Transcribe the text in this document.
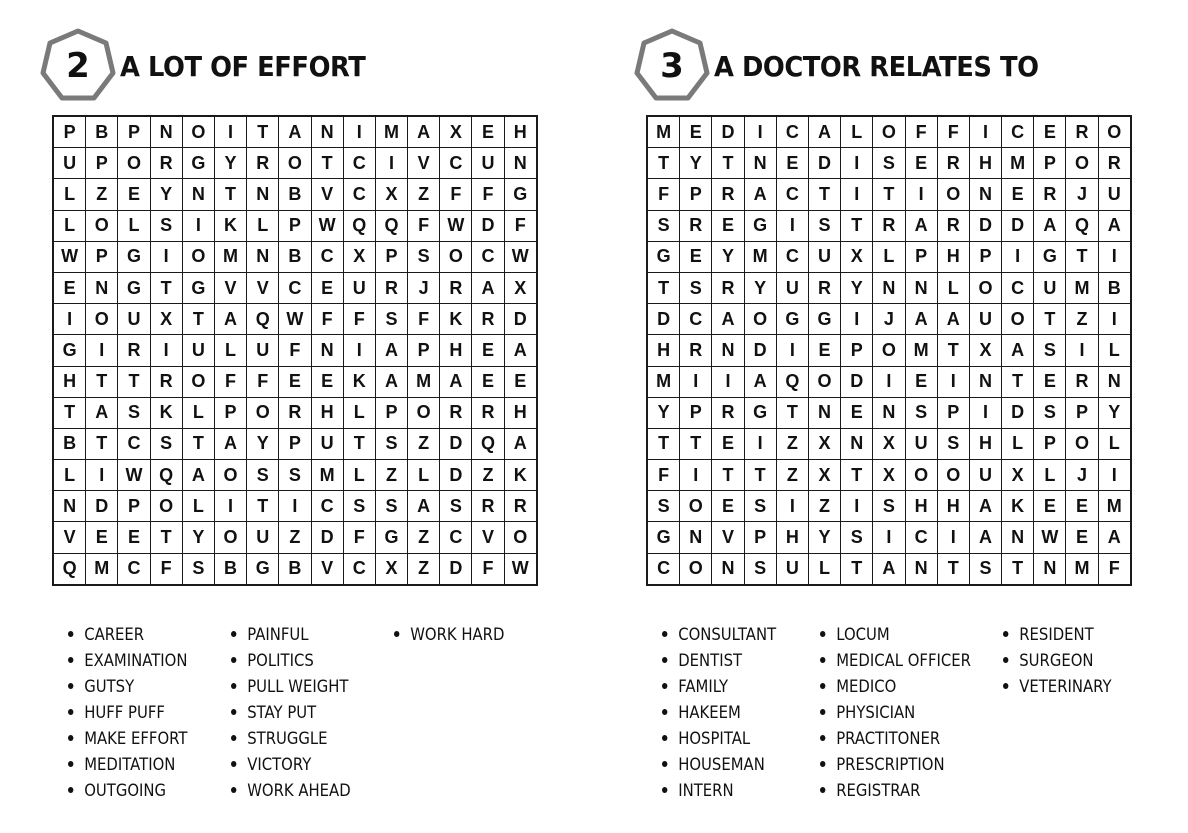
2	A LOT OF EFFORT
P	B	P	N	O	I	T	A	N	I	M	A	X	E	H
U	P	O	R	G	Y	R	O	T	C	I	V	C	U	N
L	Z	E	Y	N	T	N	B	V	C	X	Z	F	F	G
L	O	L	S	I	K	L	P	W	Q	Q	F	W	D	F
W	P	G	I	O	M	N	B	C	X	P	S	O	C	W
E	N	G	T	G	V	V	C	E	U	R	J	R	A	X
I	O	U	X	T	A	Q	W	F	F	S	F	K	R	D
G	I	R	I	U	L	U	F	N	I	A	P	H	E	A
H	T	T	R	O	F	F	E	E	K	A	M	A	E	E
T	A	S	K	L	P	O	R	H	L	P	O	R	R	H
B	T	C	S	T	A	Y	P	U	T	S	Z	D	Q	A
L	I	W	Q	A	O	S	S	M	L	Z	L	D	Z	K
N	D	P	O	L	I	T	I	C	S	S	A	S	R	R
V	E	E	T	Y	O	U	Z	D	F	G	Z	C	V	O
Q	M	C	F	S	B	G	B	V	C	X	Z	D	F	W
CAREER
EXAMINATION
GUTSY
HUFF PUFF
MAKE EFFORT
MEDITATION
OUTGOING
PAINFUL
POLITICS
PULL WEIGHT
STAY PUT
STRUGGLE
VICTORY
WORK AHEAD
WORK HARD
3	A DOCTOR RELATES TO
M	E	D	I	C	A	L	O	F	F	I	C	E	R	O
T	Y	T	N	E	D	I	S	E	R	H	M	P	O	R
F	P	R	A	C	T	I	T	I	O	N	E	R	J	U
S	R	E	G	I	S	T	R	A	R	D	D	A	Q	A
G	E	Y	M	C	U	X	L	P	H	P	I	G	T	I
T	S	R	Y	U	R	Y	N	N	L	O	C	U	M	B
D	C	A	O	G	G	I	J	A	A	U	O	T	Z	I
H	R	N	D	I	E	P	O	M	T	X	A	S	I	L
M	I	I	A	Q	O	D	I	E	I	N	T	E	R	N
Y	P	R	G	T	N	E	N	S	P	I	D	S	P	Y
T	T	E	I	Z	X	N	X	U	S	H	L	P	O	L
F	I	T	T	Z	X	T	X	O	O	U	X	L	J	I
S	O	E	S	I	Z	I	S	H	H	A	K	E	E	M
G	N	V	P	H	Y	S	I	C	I	A	N	W	E	A
C	O	N	S	U	L	T	A	N	T	S	T	N	M	F
CONSULTANT
DENTIST
FAMILY
HAKEEM
HOSPITAL
HOUSEMAN
INTERN
LOCUM
MEDICAL OFFICER
MEDICO
PHYSICIAN
PRACTITONER
PRESCRIPTION
REGISTRAR
RESIDENT
SURGEON
VETERINARY
